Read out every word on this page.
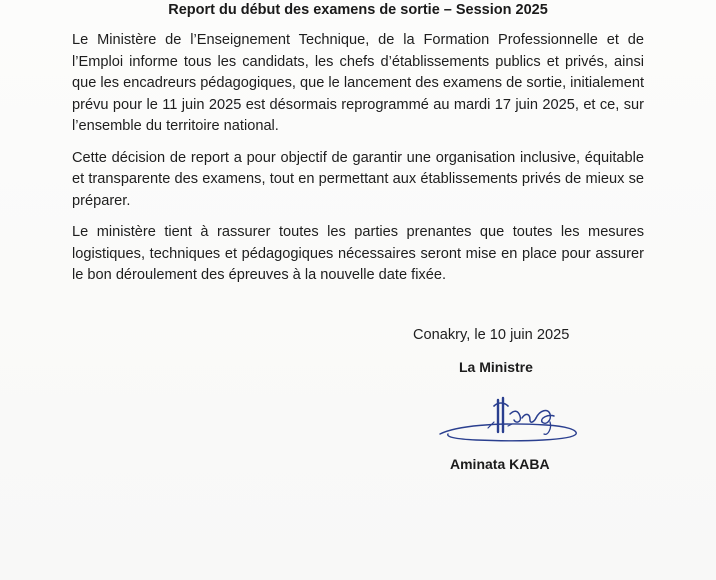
Report du début des examens de sortie – Session 2025

Le Ministère de l’Enseignement Technique, de la Formation Professionnelle et de l’Emploi informe tous les candidats, les chefs d’établissements publics et privés, ainsi que les encadreurs pédagogiques, que le lancement des examens de sortie, initialement prévu pour le 11 juin 2025 est désormais reprogrammé au mardi 17 juin 2025, et ce, sur l’ensemble du territoire national.

Cette décision de report a pour objectif de garantir une organisation inclusive, équitable et transparente des examens, tout en permettant aux établissements privés de mieux se préparer.

Le ministère tient à rassurer toutes les parties prenantes que toutes les mesures logistiques, techniques et pédagogiques nécessaires seront mise en place pour assurer le bon déroulement des épreuves à la nouvelle date fixée.

Conakry, le 10 juin 2025
La Ministre
Aminata KABA
